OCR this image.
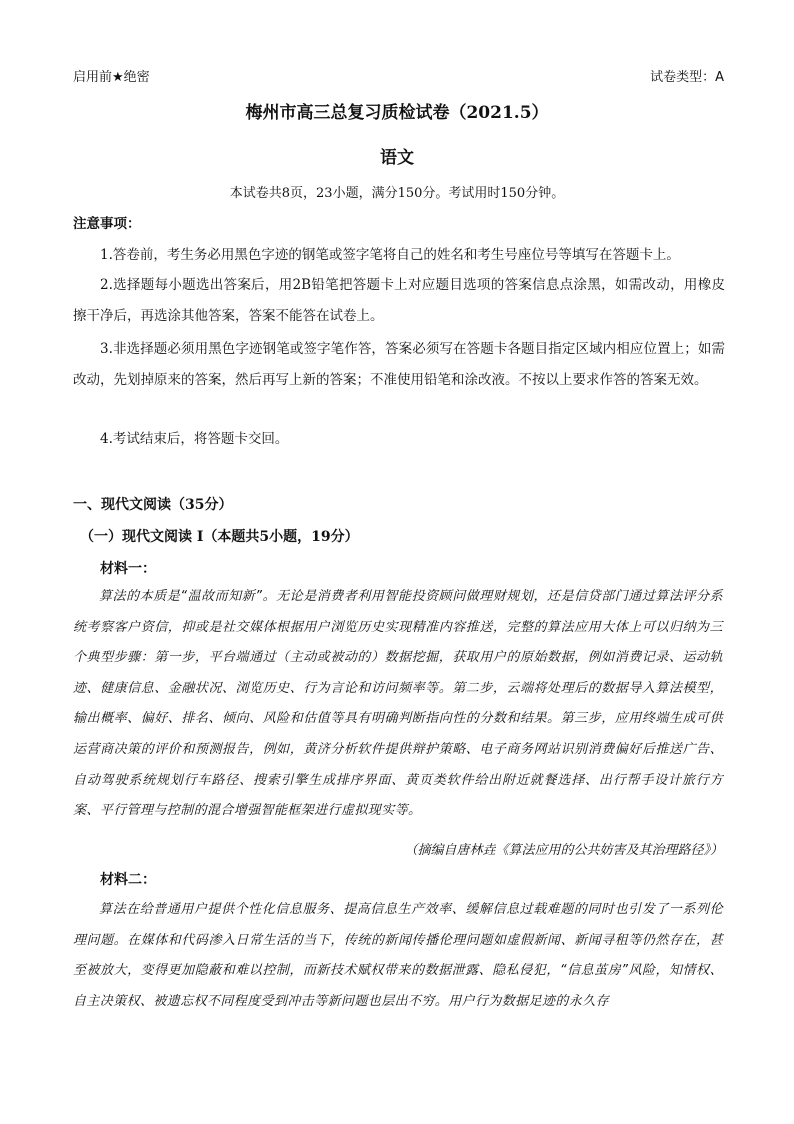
启用前★绝密	试卷类型：A
梅州市高三总复习质检试卷（2021.5）
语文
本试卷共8页，23小题，满分150分。考试用时150分钟。
注意事项：
1.答卷前，考生务必用黑色字迹的钢笔或签字笔将自己的姓名和考生号座位号等填写在答题卡上。
2.选择题每小题选出答案后，用2B铅笔把答题卡上对应题目选项的答案信息点涂黑，如需改动，用橡皮擦干净后，再选涂其他答案，答案不能答在试卷上。
3.非选择题必须用黑色字迹钢笔或签字笔作答，答案必须写在答题卡各题目指定区域内相应位置上；如需改动，先划掉原来的答案，然后再写上新的答案；不准使用铅笔和涂改液。不按以上要求作答的答案无效。
4.考试结束后，将答题卡交回。
一、现代文阅读（35分）
（一）现代文阅读 I（本题共5小题，19分）
材料一：
算法的本质是“温故而知新”。无论是消费者利用智能投资顾问做理财规划，还是信贷部门通过算法评分系统考察客户资信，抑或是社交媒体根据用户浏览历史实现精准内容推送，完整的算法应用大体上可以归纳为三个典型步骤：第一步，平台端通过（主动或被动的）数据挖掘，获取用户的原始数据，例如消费记录、运动轨迹、健康信息、金融状况、浏览历史、行为言论和访问频率等。第二步，云端将处理后的数据导入算法模型，输出概率、偏好、排名、倾向、风险和估值等具有明确判断指向性的分数和结果。第三步，应用终端生成可供运营商决策的评价和预测报告，例如，黄济分析软件提供辩护策略、电子商务网站识别消费偏好后推送广告、自动驾驶系统规划行车路径、搜索引擎生成排序界面、黄页类软件给出附近就餐选择、出行帮手设计旅行方案、平行管理与控制的混合增强智能框架进行虚拟现实等。
（摘编自唐林垚《算法应用的公共妨害及其治理路径》）
材料二：
算法在给普通用户提供个性化信息服务、提高信息生产效率、缓解信息过载难题的同时也引发了一系列伦理问题。在媒体和代码渗入日常生活的当下，传统的新闻传播伦理问题如虚假新闻、新闻寻租等仍然存在，甚至被放大，变得更加隐蔽和难以控制，而新技术赋权带来的数据泄露、隐私侵犯，“信息茧房”风险，知情权、自主决策权、被遗忘权不同程度受到冲击等新问题也层出不穷。用户行为数据足迹的永久存
